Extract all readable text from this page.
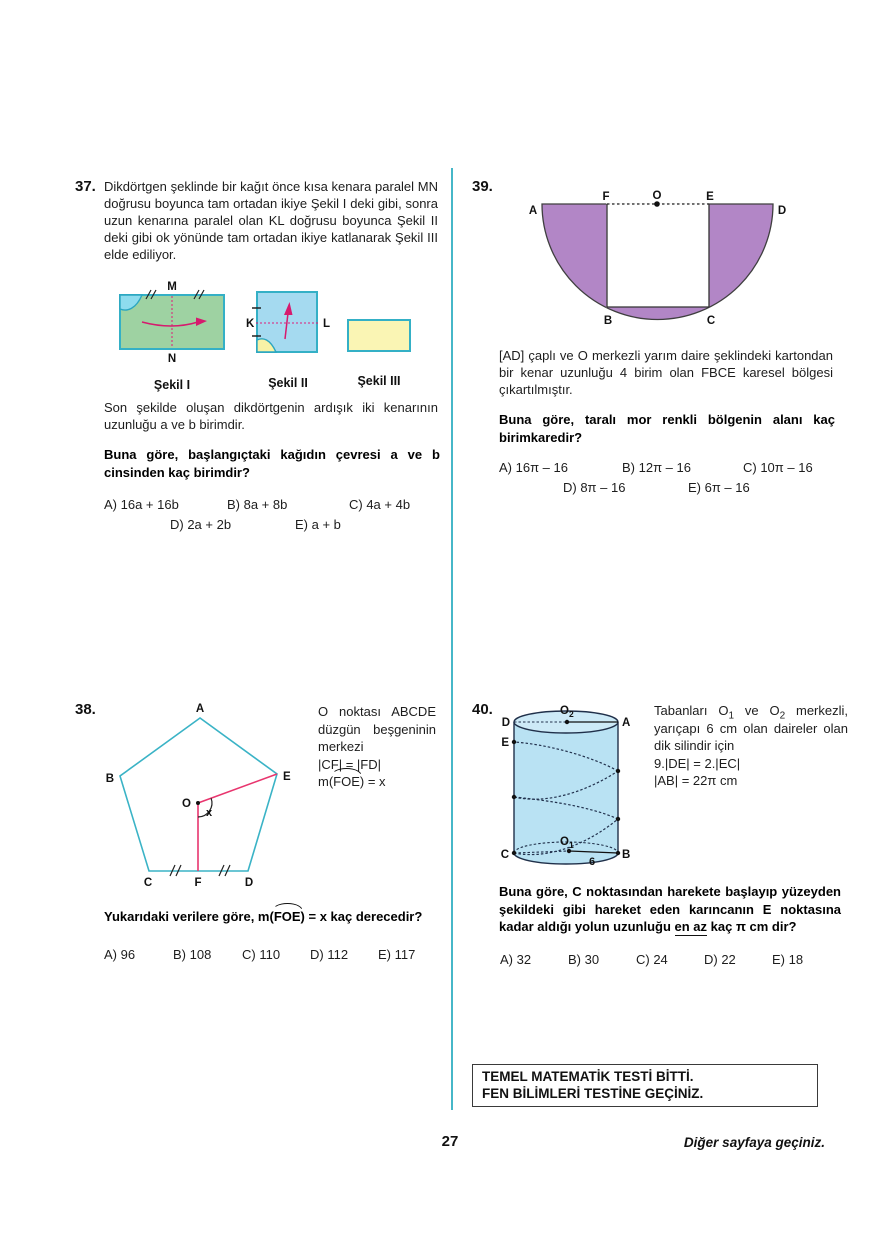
37. Dikdörtgen şeklinde bir kağıt önce kısa kenara paralel MN doğrusu boyunca tam ortadan ikiye Şekil I deki gibi, sonra uzun kenarına paralel olan KL doğrusu boyunca Şekil II deki gibi ok yönünde tam ortadan ikiye katlanarak Şekil III elde ediliyor.
M
N
Şekil I
K	L
Şekil II	Şekil III
Son şekilde oluşan dikdörtgenin ardışık iki kenarının uzunluğu a ve b birimdir.
Buna göre, başlangıçtaki kağıdın çevresi a ve b cinsinden kaç birimdir?
A) 16a + 16b	B) 8a + 8b	C) 4a + 4b
D) 2a + 2b	E) a + b
39.
A
F	O	E
D
B	C
[AD] çaplı ve O merkezli yarım daire şeklindeki kartondan bir kenar uzunluğu 4 birim olan FBCE karesel bölgesi çıkartılmıştır.
Buna göre, taralı mor renkli bölgenin alanı kaç birimkaredir?
A) 16π – 16	B) 12π – 16	C) 10π – 16
D) 8π – 16	E) 6π – 16
38.	A
B	E
C	F	D
O
x
O noktası ABCDE düzgün beşgeninin merkezi
|CF| = |FD|
m(FOE) = x
Yukarıdaki verilere göre, m(FOE) = x kaç derecedir?
A) 96	B) 108 C) 110 D) 112 E) 117
40.
D	A
E
C	B
$O_2$
$O_1$
6
Tabanları $O_1$ ve $O_2$ merkezli, yarıçapı 6 cm olan daireler olan dik silindir için
9.|DE| = 2.|EC|
|AB| = 22π cm
Buna göre, C noktasından harekete başlayıp yüzeyden şekildeki gibi hareket eden karıncanın E noktasına kadar aldığı yolun uzunluğu en az kaç π cm dir?
A) 32	B) 30	C) 24	D) 22	E) 18
TEMEL MATEMATİK TESTİ BİTTİ.
FEN BİLİMLERİ TESTİNE GEÇİNİZ.
27	Diğer sayfaya geçiniz.
